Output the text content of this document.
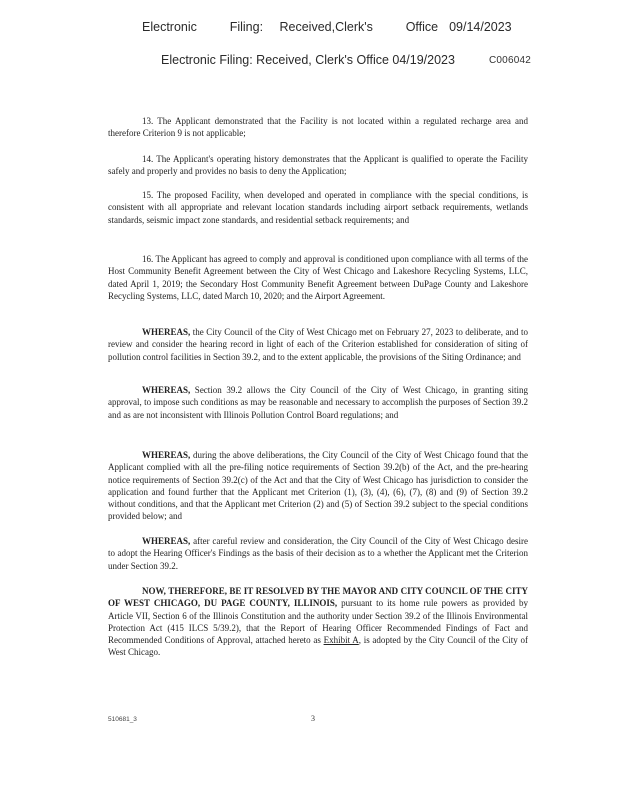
Electronic      Filing:   Received,Clerk's      Office  09/14/2023
Electronic Filing: Received, Clerk's Office 04/19/2023	C006042

13. The Applicant demonstrated that the Facility is not located within a regulated recharge area and therefore Criterion 9 is not applicable;

14. The Applicant's operating history demonstrates that the Applicant is qualified to operate the Facility safely and properly and provides no basis to deny the Application;

15. The proposed Facility, when developed and operated in compliance with the special conditions, is consistent with all appropriate and relevant location standards including airport setback requirements, wetlands standards, seismic impact zone standards, and residential setback requirements; and

16. The Applicant has agreed to comply and approval is conditioned upon compliance with all terms of the Host Community Benefit Agreement between the City of West Chicago and Lakeshore Recycling Systems, LLC, dated April 1, 2019; the Secondary Host Community Benefit Agreement between DuPage County and Lakeshore Recycling Systems, LLC, dated March 10, 2020; and the Airport Agreement.

WHEREAS, the City Council of the City of West Chicago met on February 27, 2023 to deliberate, and to review and consider the hearing record in light of each of the Criterion established for consideration of siting of pollution control facilities in Section 39.2, and to the extent applicable, the provisions of the Siting Ordinance; and

WHEREAS, Section 39.2 allows the City Council of the City of West Chicago, in granting siting approval, to impose such conditions as may be reasonable and necessary to accomplish the purposes of Section 39.2 and as are not inconsistent with Illinois Pollution Control Board regulations; and

WHEREAS, during the above deliberations, the City Council of the City of West Chicago found that the Applicant complied with all the pre-filing notice requirements of Section 39.2(b) of the Act, and the pre-hearing notice requirements of Section 39.2(c) of the Act and that the City of West Chicago has jurisdiction to consider the application and found further that the Applicant met Criterion (1), (3), (4), (6), (7), (8) and (9) of Section 39.2 without conditions, and that the Applicant met Criterion (2) and (5) of Section 39.2 subject to the special conditions provided below; and

WHEREAS, after careful review and consideration, the City Council of the City of West Chicago desire to adopt the Hearing Officer's Findings as the basis of their decision as to a whether the Applicant met the Criterion under Section 39.2.

NOW, THEREFORE, BE IT RESOLVED BY THE MAYOR AND CITY COUNCIL OF THE CITY OF WEST CHICAGO, DU PAGE COUNTY, ILLINOIS, pursuant to its home rule powers as provided by Article VII, Section 6 of the Illinois Constitution and the authority under Section 39.2 of the Illinois Environmental Protection Act (415 ILCS 5/39.2), that the Report of Hearing Officer Recommended Findings of Fact and Recommended Conditions of Approval, attached hereto as Exhibit A, is adopted by the City Council of the City of West Chicago.

510681_3	3
